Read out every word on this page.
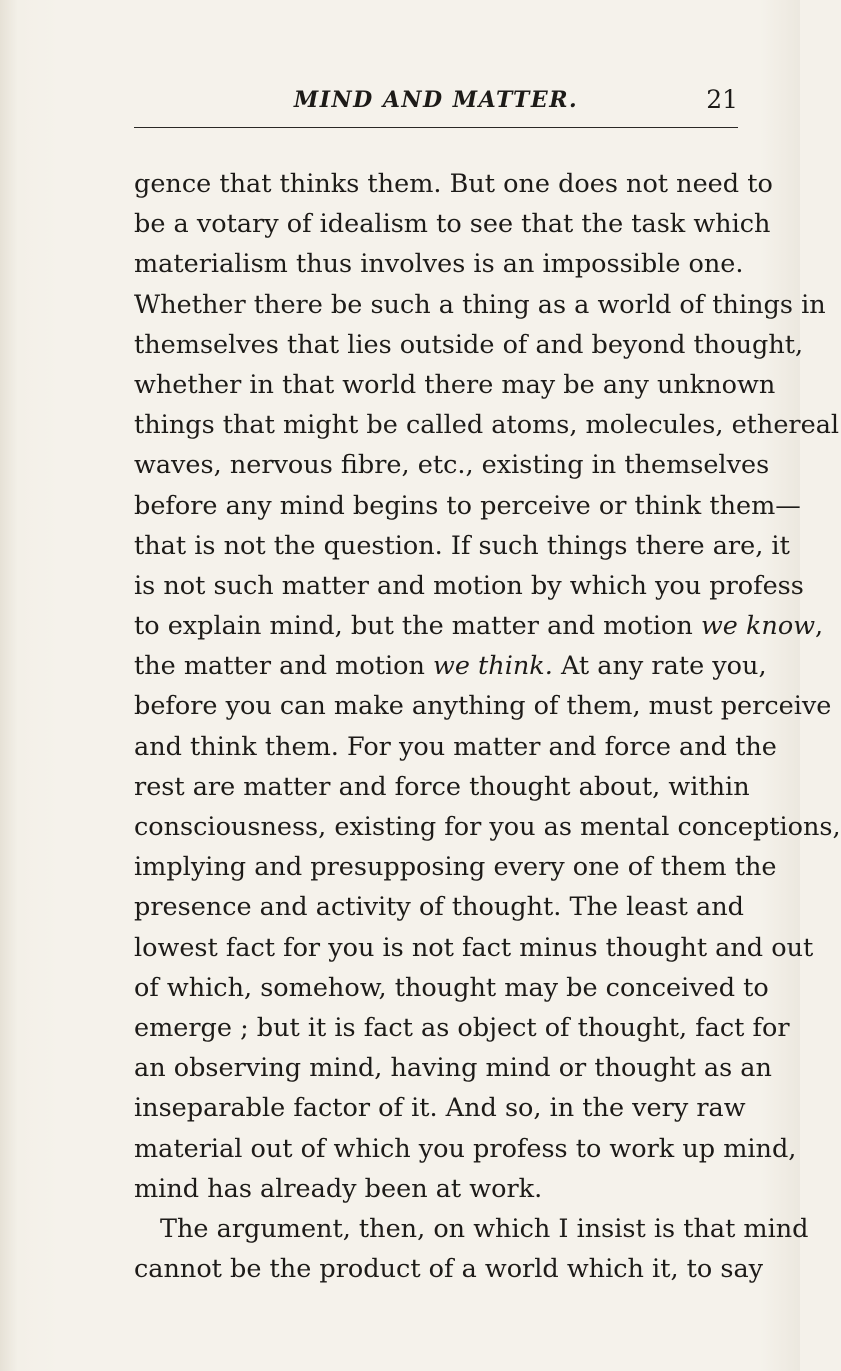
MIND AND MATTER.	21
gence that thinks them. But one does not need to
be a votary of idealism to see that the task which
materialism thus involves is an impossible one.
Whether there be such a thing as a world of things in
themselves that lies outside of and beyond thought,
whether in that world there may be any unknown
things that might be called atoms, molecules, ethereal
waves, nervous fibre, etc., existing in themselves
before any mind begins to perceive or think them—
that is not the question. If such things there are, it
is not such matter and motion by which you profess
to explain mind, but the matter and motion we know,
the matter and motion we think. At any rate you,
before you can make anything of them, must perceive
and think them. For you matter and force and the
rest are matter and force thought about, within
consciousness, existing for you as mental conceptions,
implying and presupposing every one of them the
presence and activity of thought. The least and
lowest fact for you is not fact minus thought and out
of which, somehow, thought may be conceived to
emerge ; but it is fact as object of thought, fact for
an observing mind, having mind or thought as an
inseparable factor of it. And so, in the very raw
material out of which you profess to work up mind,
mind has already been at work.
The argument, then, on which I insist is that mind
cannot be the product of a world which it, to say
